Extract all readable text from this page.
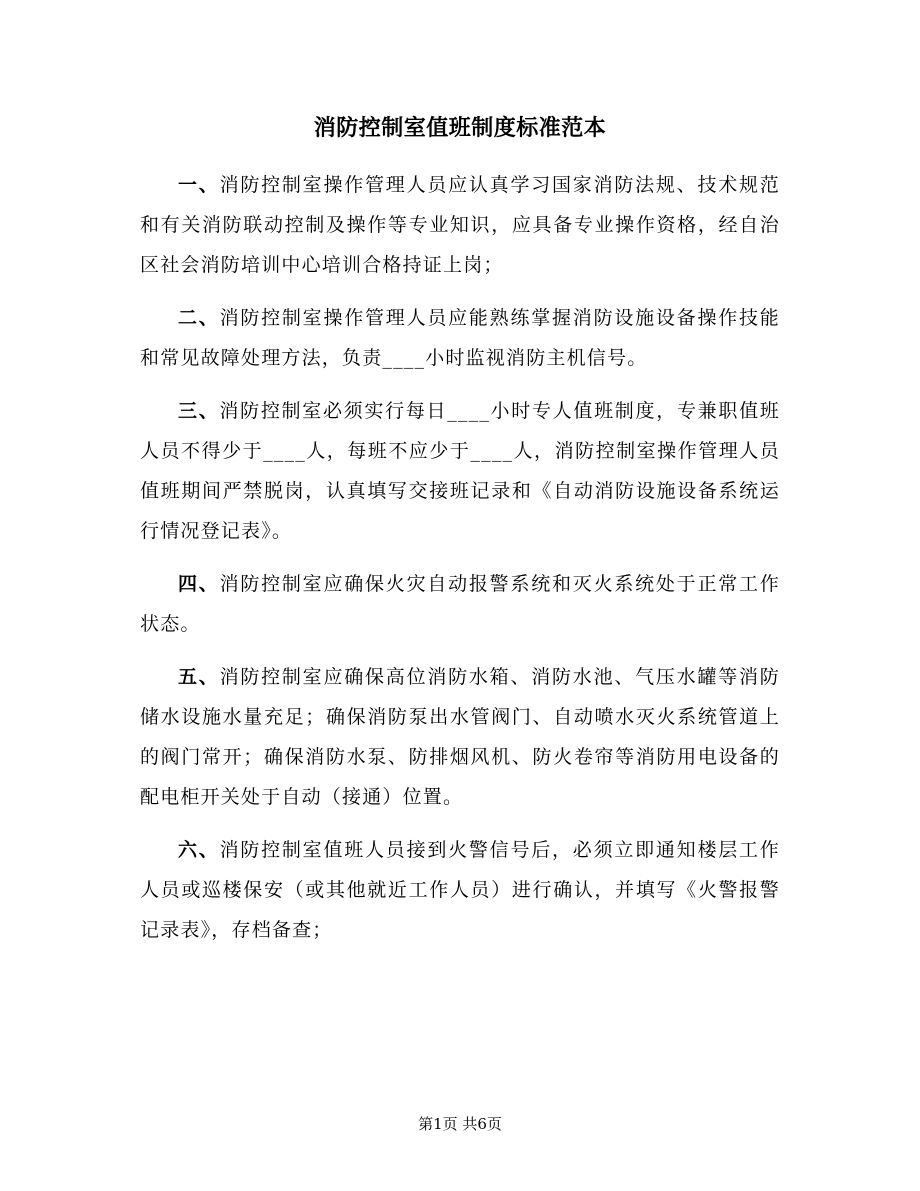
消防控制室值班制度标准范本

一、消防控制室操作管理人员应认真学习国家消防法规、技术规范和有关消防联动控制及操作等专业知识，应具备专业操作资格，经自治区社会消防培训中心培训合格持证上岗；

二、消防控制室操作管理人员应能熟练掌握消防设施设备操作技能和常见故障处理方法，负责____小时监视消防主机信号。

三、消防控制室必须实行每日____小时专人值班制度，专兼职值班人员不得少于____人，每班不应少于____人，消防控制室操作管理人员值班期间严禁脱岗，认真填写交接班记录和《自动消防设施设备系统运行情况登记表》。

四、消防控制室应确保火灾自动报警系统和灭火系统处于正常工作状态。

五、消防控制室应确保高位消防水箱、消防水池、气压水罐等消防储水设施水量充足；确保消防泵出水管阀门、自动喷水灭火系统管道上的阀门常开；确保消防水泵、防排烟风机、防火卷帘等消防用电设备的配电柜开关处于自动（接通）位置。

六、消防控制室值班人员接到火警信号后，必须立即通知楼层工作人员或巡楼保安（或其他就近工作人员）进行确认，并填写《火警报警记录表》，存档备查；

第1页 共6页
